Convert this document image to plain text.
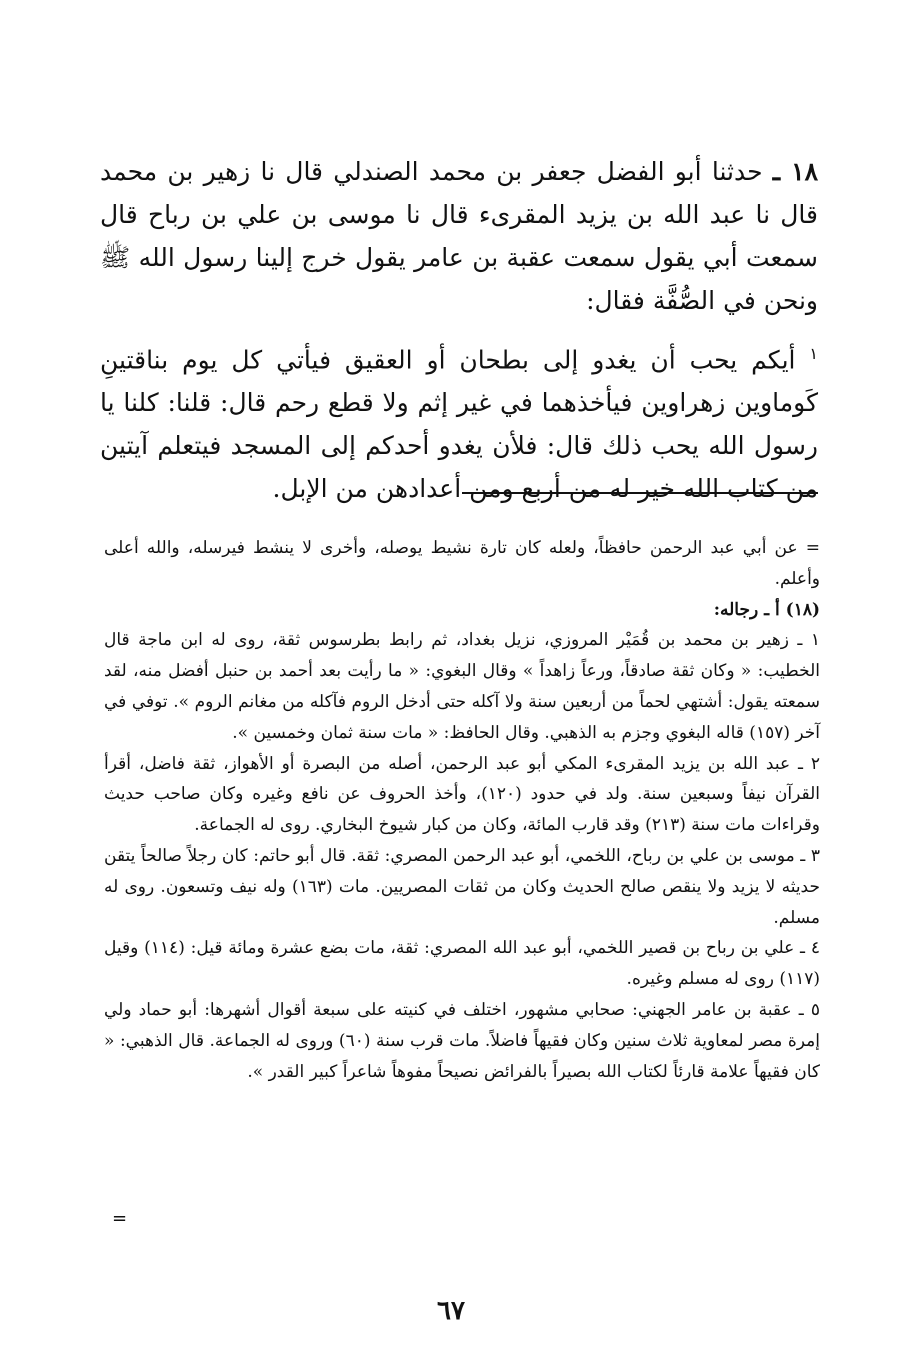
١٨ ـ حدثنا أبو الفضل جعفر بن محمد الصندلي قال نا زهير بن محمد قال نا عبد الله بن يزيد المقرىء قال نا موسى بن علي بن رباح قال سمعت أبي يقول سمعت عقبة بن عامر يقول خرج إلينا رسول الله ﷺ ونحن في الصُّفَّة فقال:

$^١$ أيكم يحب أن يغدو إلى بطحان أو العقيق فيأتي كل يوم بناقتينِ كَوماوين زهراوين فيأخذهما في غير إثم ولا قطع رحم قال: قلنا: كلنا يا رسول الله يحب ذلك قال: فلأن يغدو أحدكم إلى المسجد فيتعلم آيتين من كتاب الله خير له من أربع ومن أعدادهن من الإبل.

= عن أبي عبد الرحمن حافظاً، ولعله كان تارة نشيط يوصله، وأخرى لا ينشط فيرسله، والله أعلى وأعلم.

(١٨) أ ـ رجاله:

١ ـ زهير بن محمد بن قُمَيْر المروزي، نزيل بغداد، ثم رابط بطرسوس ثقة، روى له ابن ماجة قال الخطيب: « وكان ثقة صادقاً، ورعاً زاهداً » وقال البغوي: « ما رأيت بعد أحمد بن حنبل أفضل منه، لقد سمعته يقول: أشتهي لحماً من أربعين سنة ولا آكله حتى أدخل الروم فآكله من مغانم الروم ». توفي في آخر (١٥٧) قاله البغوي وجزم به الذهبي. وقال الحافظ: « مات سنة ثمان وخمسين ».

٢ ـ عبد الله بن يزيد المقرىء المكي أبو عبد الرحمن، أصله من البصرة أو الأهواز، ثقة فاضل، أقرأ القرآن نيفاً وسبعين سنة. ولد في حدود (١٢٠)، وأخذ الحروف عن نافع وغيره وكان صاحب حديث وقراءات مات سنة (٢١٣) وقد قارب المائة، وكان من كبار شيوخ البخاري. روى له الجماعة.

٣ ـ موسى بن علي بن رباح، اللخمي، أبو عبد الرحمن المصري: ثقة. قال أبو حاتم: كان رجلاً صالحاً يتقن حديثه لا يزيد ولا ينقص صالح الحديث وكان من ثقات المصريين. مات (١٦٣) وله نيف وتسعون. روى له مسلم.

٤ ـ علي بن رباح بن قصير اللخمي، أبو عبد الله المصري: ثقة، مات بضع عشرة ومائة قيل: (١١٤) وقيل (١١٧) روى له مسلم وغيره.

٥ ـ عقبة بن عامر الجهني: صحابي مشهور، اختلف في كنيته على سبعة أقوال أشهرها: أبو حماد ولي إمرة مصر لمعاوية ثلاث سنين وكان فقيهاً فاضلاً. مات قرب سنة (٦٠) وروى له الجماعة. قال الذهبي: « كان فقيهاً علامة قارئاً لكتاب الله بصيراً بالفرائض نصيحاً مفوهاً شاعراً كبير القدر ».

=
٦٧
